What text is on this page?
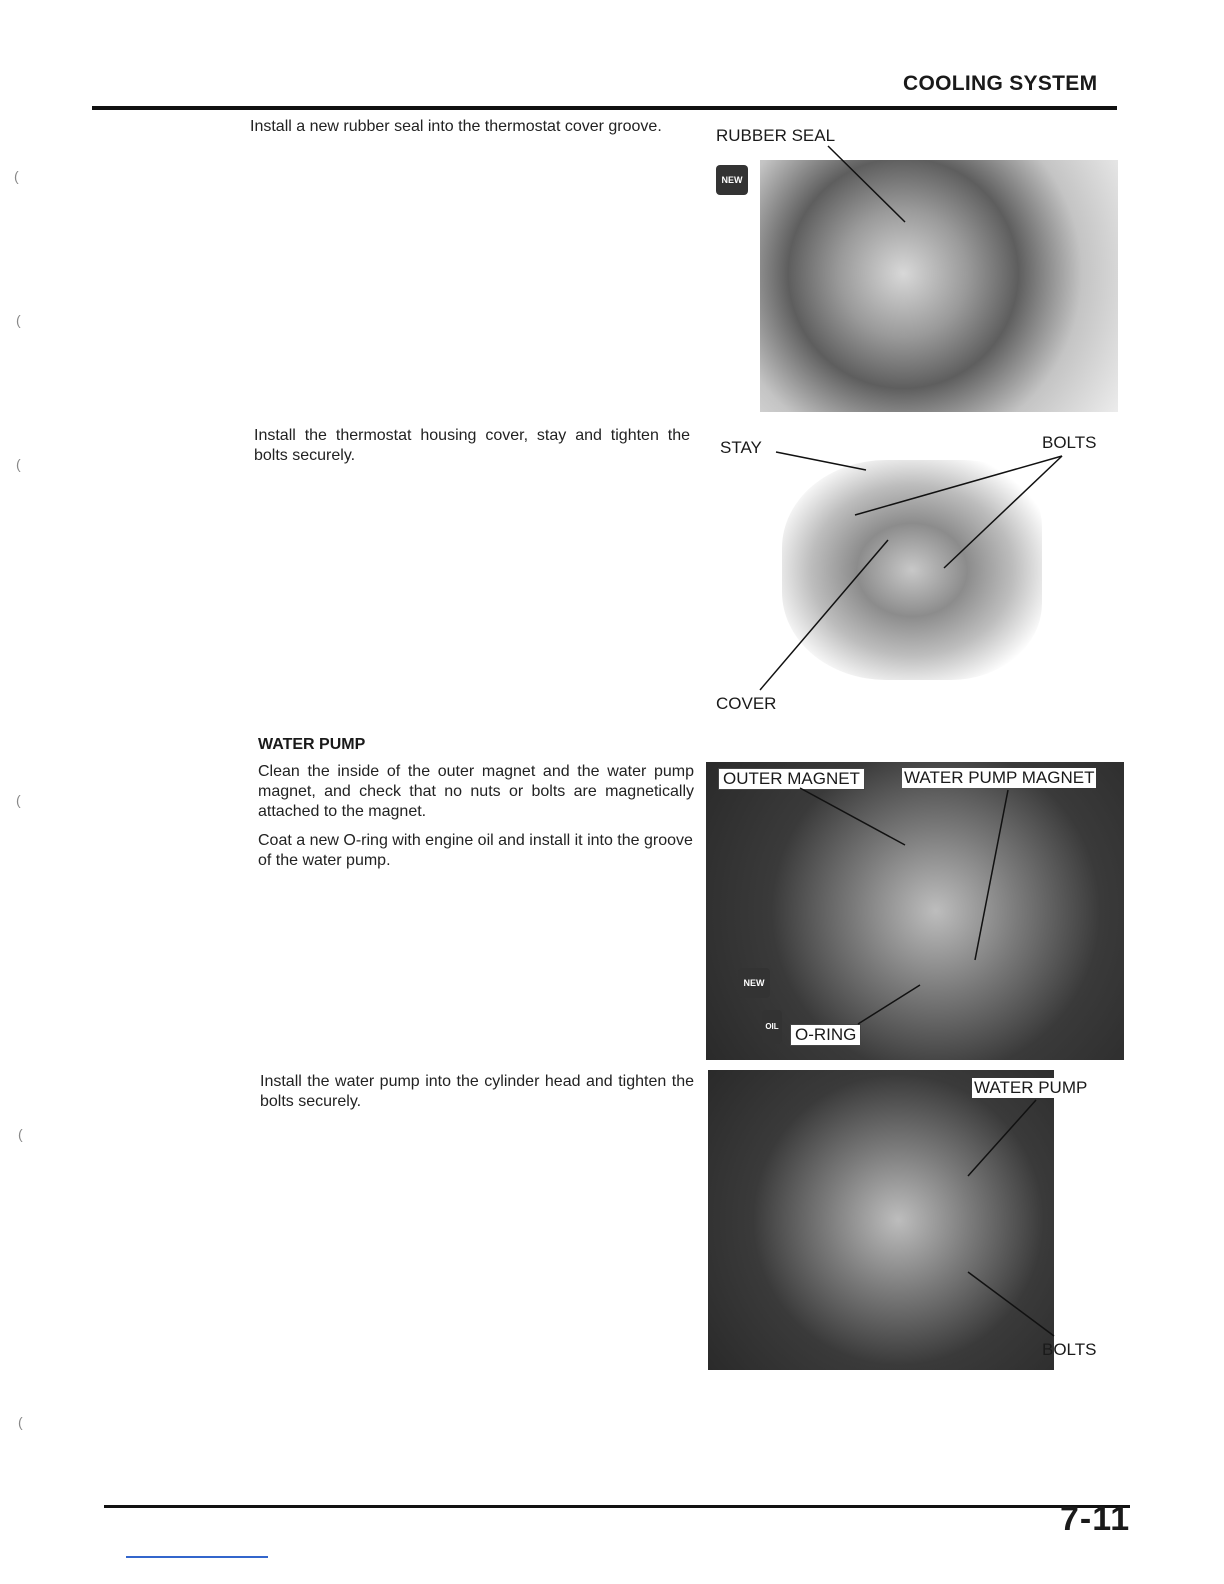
COOLING SYSTEM
(
(
(
(
(
(
Install a new rubber seal into the thermostat cover groove.	RUBBER SEAL
NEW
Install the thermostat housing cover, stay and tighten the bolts securely.	STAY	BOLTS
COVER
WATER PUMP
Clean the inside of the outer magnet and the water pump magnet, and check that no nuts or bolts are magnetically attached to the magnet.
Coat a new O-ring with engine oil and install it into the groove of the water pump.
OUTER MAGNET	WATER PUMP MAGNET
NEW
OIL O-RING
Install the water pump into the cylinder head and tighten the bolts securely.
WATER PUMP
BOLTS
7-11
